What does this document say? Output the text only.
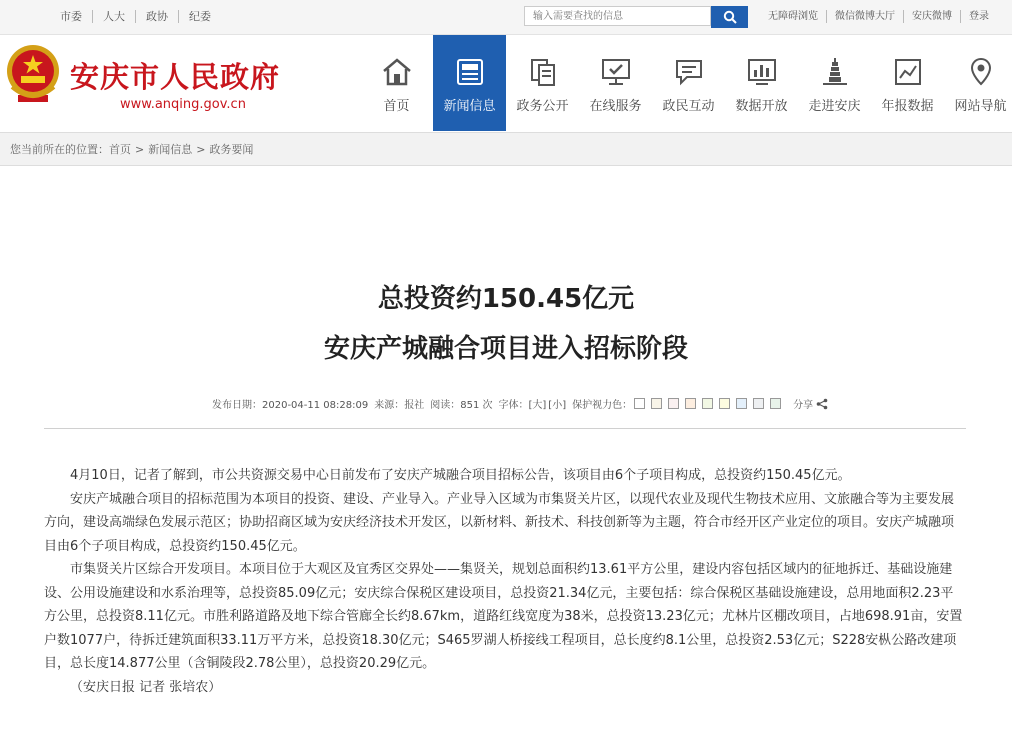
市委	人大	政协	纪委
输入需要查找的信息	无障碍浏览	微信微博大厅	安庆微博	登录
安庆市人民政府
www.anqing.gov.cn	首页	新闻信息 政务公开 在线服务 政民互动 数据开放 走进安庆 年报数据 网站导航
您当前所在的位置： 首页 > 新闻信息 > 政务要闻
总投资约150.45亿元
安庆产城融合项目进入招标阶段
发布日期：2020-04-11 08:28:09 来源：报社 阅读：851 次 字体： [大] [小] 保护视力色：	分享

4月10日，记者了解到，市公共资源交易中心日前发布了安庆产城融合项目招标公告，该项目由6个子项目构成，总投资约150.45亿元。

安庆产城融合项目的招标范围为本项目的投资、建设、产业导入。产业导入区域为市集贤关片区，以现代农业及现代生物技术应用、文旅融合等为主要发展方向，建设高端绿色发展示范区；协助招商区域为安庆经济技术开发区，以新材料、新技术、科技创新等为主题，符合市经开区产业定位的项目。安庆产城融项目由6个子项目构成，总投资约150.45亿元。

市集贤关片区综合开发项目。本项目位于大观区及宜秀区交界处——集贤关，规划总面积约13.61平方公里，建设内容包括区域内的征地拆迁、基础设施建设、公用设施建设和水系治理等，总投资85.09亿元；安庆综合保税区建设项目，总投资21.34亿元，主要包括：综合保税区基础设施建设，总用地面积2.23平方公里，总投资8.11亿元。市胜利路道路及地下综合管廊全长约8.67km，道路红线宽度为38米，总投资13.23亿元；尤林片区棚改项目，占地698.91亩，安置户数1077户，待拆迁建筑面积33.11万平方米，总投资18.30亿元；S465罗湖人桥接线工程项目，总长度约8.1公里，总投资2.53亿元；S228安枞公路改建项目，总长度14.877公里（含铜陵段2.78公里），总投资20.29亿元。

（安庆日报 记者 张培农）
